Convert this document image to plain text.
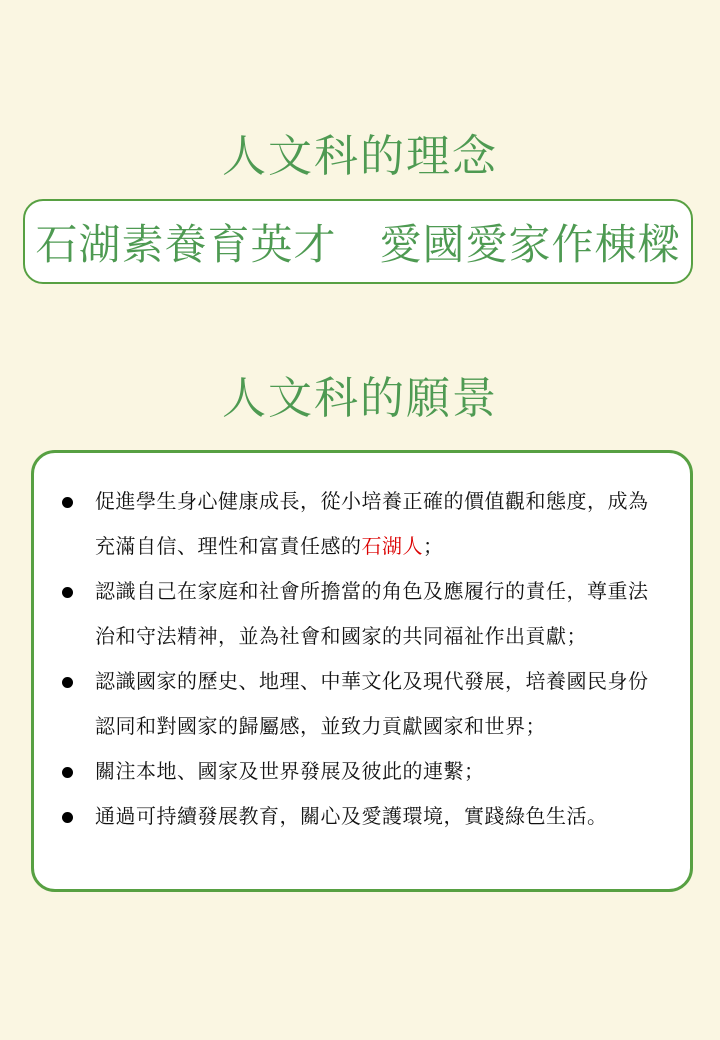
人文科的理念
石湖素養育英才　愛國愛家作棟樑
人文科的願景

促進學生身心健康成長，從小培養正確的價值觀和態度，成為充滿自信、理性和富責任感的石湖人；

認識自己在家庭和社會所擔當的角色及應履行的責任，尊重法治和守法精神，並為社會和國家的共同福祉作出貢獻；

認識國家的歷史、地理、中華文化及現代發展，培養國民身份認同和對國家的歸屬感，並致力貢獻國家和世界；

關注本地、國家及世界發展及彼此的連繫；

通過可持續發展教育，關心及愛護環境，實踐綠色生活。
